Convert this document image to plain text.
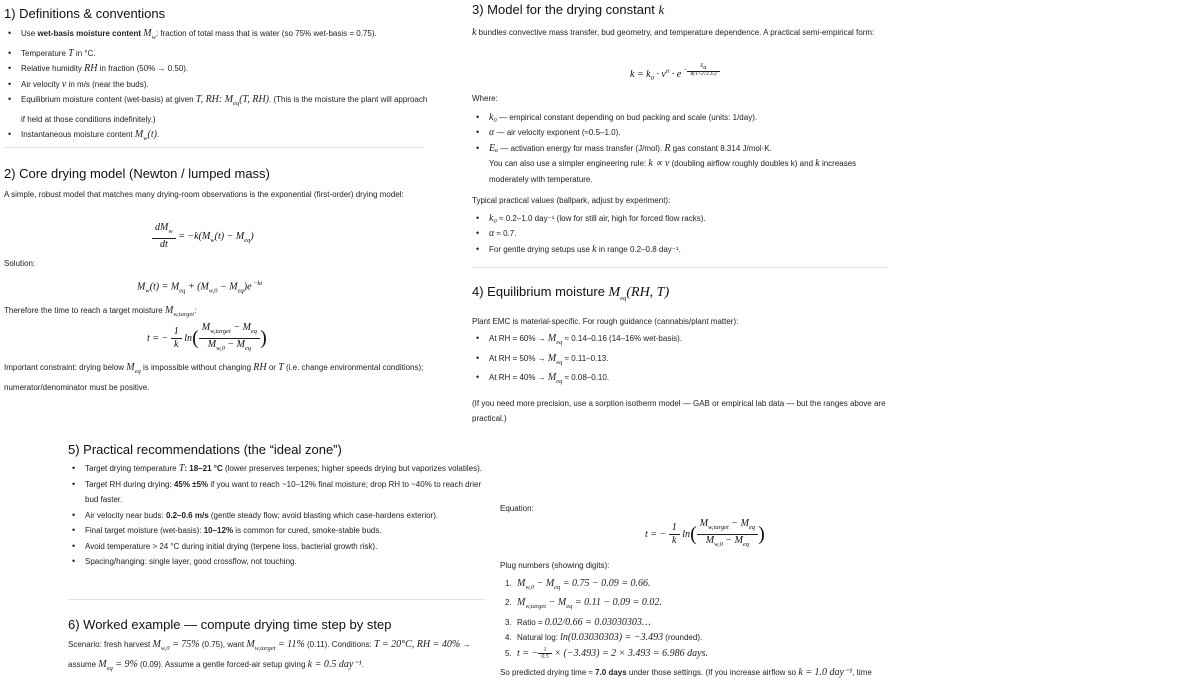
1) Definitions & conventions
• Use wet-basis moisture content $M_w$: fraction of total mass that is water (so 75% wet-basis = 0.75).
• Temperature T in °C.
• Relative humidity RH in fraction (50% → 0.50).
• Air velocity v in m/s (near the buds).
• Equilibrium moisture content (wet-basis) at given T, RH: $M_{eq}(T$, RH). (This is the moisture the plant will approach if held at those conditions indefinitely.)
• Instantaneous moisture content $M_w(t)$.
2) Core drying model (Newton / lumped mass)

A simple, robust model that matches many drying-room observations is the exponential (first-order) drying model:

$\frac{dM_w}{dt} = -k(M_w(t) - M_{eq})$

Solution:

$M_w(t) = M_{eq} + (M_{w,0} - M_{eq})e$ $^{-kt}$

Therefore the time to reach a target moisture $M_{w,target}$:

t = − $\frac{1}{k} \ln( \frac{M_{w,target} - M_{eq}}{M_{w,0} - M_{eq}}$ )

Important constraint: drying below $M_{eq}$ is impossible without changing RH or T (i.e. change environmental conditions); numerator/denominator must be positive.

3) Model for the drying constant k

k bundles convective mass transfer, bud geometry, and temperature dependence. A practical semi-empirical form:

$k = k_0 \cdot v^\alpha \cdot e$ $^{- \frac{E_a}{R(T+273.15)}}$

Where:

• k₀ — empirical constant depending on bud packing and scale (units: 1/day).
• α — air velocity exponent (≈0.5–1.0).
• Eₐ — activation energy for mass transfer (J/mol). R gas constant 8.314 J/mol·K.
You can also use a simpler engineering rule: k ∝ v (doubling airflow roughly doubles k) and k increases moderately with temperature.

Typical practical values (ballpark, adjust by experiment):

• k₀ ≈ 0.2–1.0 day⁻¹ (low for still air, high for forced flow racks).
• α ≈ 0.7.
• For gentle drying setups use k in range 0.2–0.8 day⁻¹.
4) Equilibrium moisture $M_{eq}(RH$, T)

Plant EMC is material-specific. For rough guidance (cannabis/plant matter):

• At RH = $60\% \to M_{eq} \approx 0.14-0.16$ (14–16% wet-basis).
• At RH = $50\% \to M_{eq} \approx 0.11-0.13$.
• At RH = $40\% \to M_{eq} \approx 0.08-0.10$.

(If you need more precision, use a sorption isotherm model — GAB or empirical lab data — but the ranges above are practical.)

5) Practical recommendations (the “ideal zone”)
• Target drying temperature T: 18–21 °C (lower preserves terpenes; higher speeds drying but vaporizes volatiles).
• Target RH during drying: 45% ±5% if you want to reach ~10–12% final moisture; drop RH to ~40% to reach drier bud faster.
• Air velocity near buds: 0.2–0.6 m/s (gentle steady flow; avoid blasting which case-hardens exterior).
• Final target moisture (wet-basis): 10–12% is common for cured, smoke-stable buds.
• Avoid temperature > 24 °C during initial drying (terpene loss, bacterial growth risk).
• Spacing/hanging: single layer, good crossflow, not touching.
6) Worked example — compute drying time step by step

Scenario: fresh harvest $M_{w,0} = 75\%$ (0.75), want $M_{w,target} = 11\%$ (0.11). Conditions: T = 20°C, RH = 40% → assume $M_{eq} = 9\%$ (0.09). Assume a gentle forced-air setup giving k = 0.5 day⁻¹.

Equation:

t = − $\frac{1}{k} \ln( \frac{M_{w,target} - M_{eq}}{M_{w,0} - M_{eq}}$ )

Plug numbers (showing digits):

1. $M_{w,0} - M_{eq} = 0.75 - 0.09 = 0.66$.
2. $M_{w,target} - M_{eq} = 0.11 - 0.09 = 0.02$.
3. Ratio = 0.02/0.66 = 0.03030303…
4. Natural log: ln(0.03030303) = −3.493 (rounded).
5. t = − $\frac{1}{0.5} \times (-3.493) = 2 \times 3.493 = 6.986$ days.

So predicted drying time ≈ 7.0 days under those settings. (If you increase airflow so k = 1.0 day⁻¹, time
